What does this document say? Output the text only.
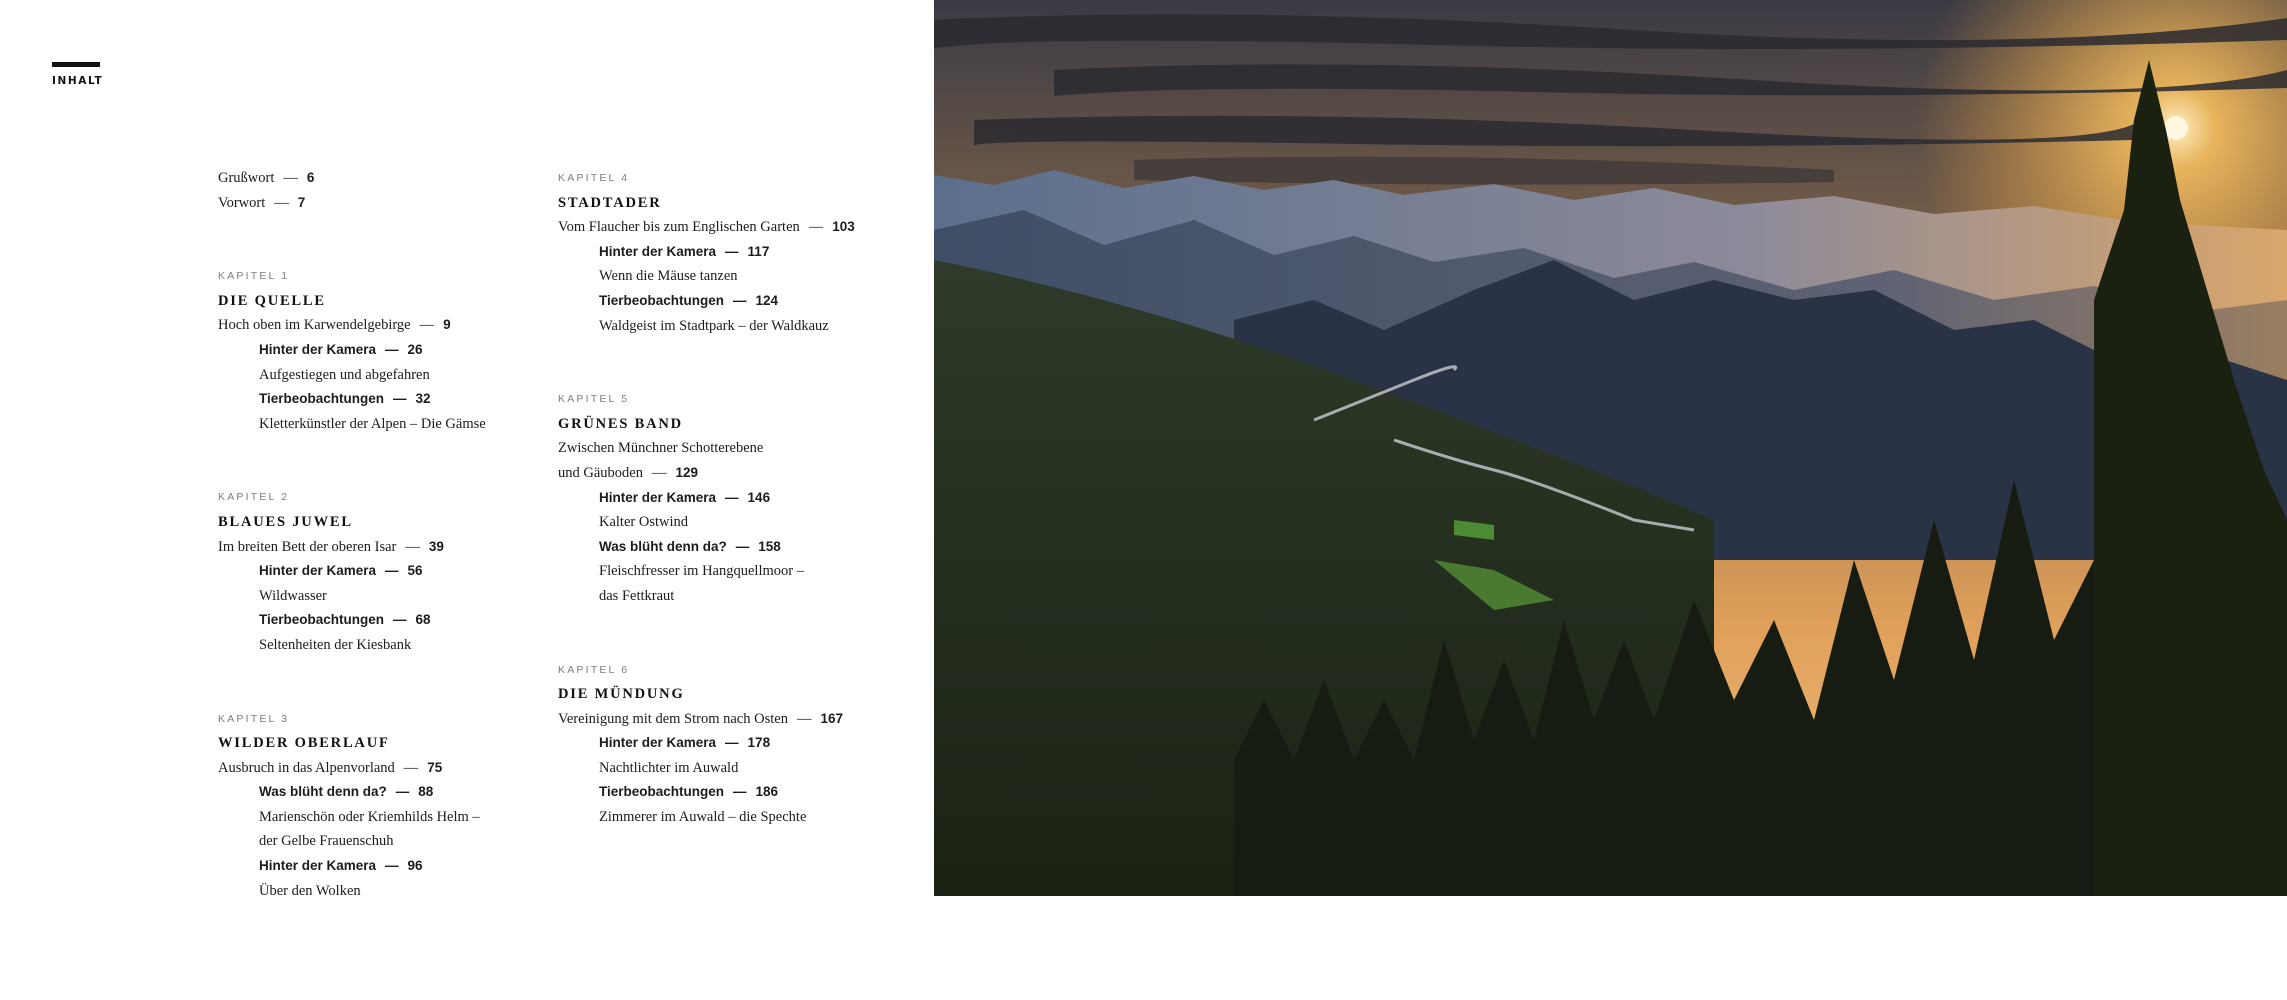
INHALT
Grußwort — 6
Vorwort — 7
KAPITEL 1
DIE QUELLE
Hoch oben im Karwendelgebirge — 9
Hinter der Kamera — 26
Aufgestiegen und abgefahren
Tierbeobachtungen — 32
Kletterkünstler der Alpen – Die Gämse
KAPITEL 2
BLAUES JUWEL
Im breiten Bett der oberen Isar — 39
Hinter der Kamera — 56
Wildwasser
Tierbeobachtungen — 68
Seltenheiten der Kiesbank
KAPITEL 3
WILDER OBERLAUF
Ausbruch in das Alpenvorland — 75
Was blüht denn da? — 88
Marienschön oder Kriemhilds Helm –
der Gelbe Frauenschuh
Hinter der Kamera — 96
Über den Wolken
KAPITEL 4
STADTADER
Vom Flaucher bis zum Englischen Garten — 103
Hinter der Kamera — 117
Wenn die Mäuse tanzen
Tierbeobachtungen — 124
Waldgeist im Stadtpark – der Waldkauz
KAPITEL 5
GRÜNES BAND
Zwischen Münchner Schotterebene
und Gäuboden — 129
Hinter der Kamera — 146
Kalter Ostwind
Was blüht denn da? — 158
Fleischfresser im Hangquellmoor –
das Fettkraut
KAPITEL 6
DIE MÜNDUNG
Vereinigung mit dem Strom nach Osten — 167
Hinter der Kamera — 178
Nachtlichter im Auwald
Tierbeobachtungen — 186
Zimmerer im Auwald – die Spechte
